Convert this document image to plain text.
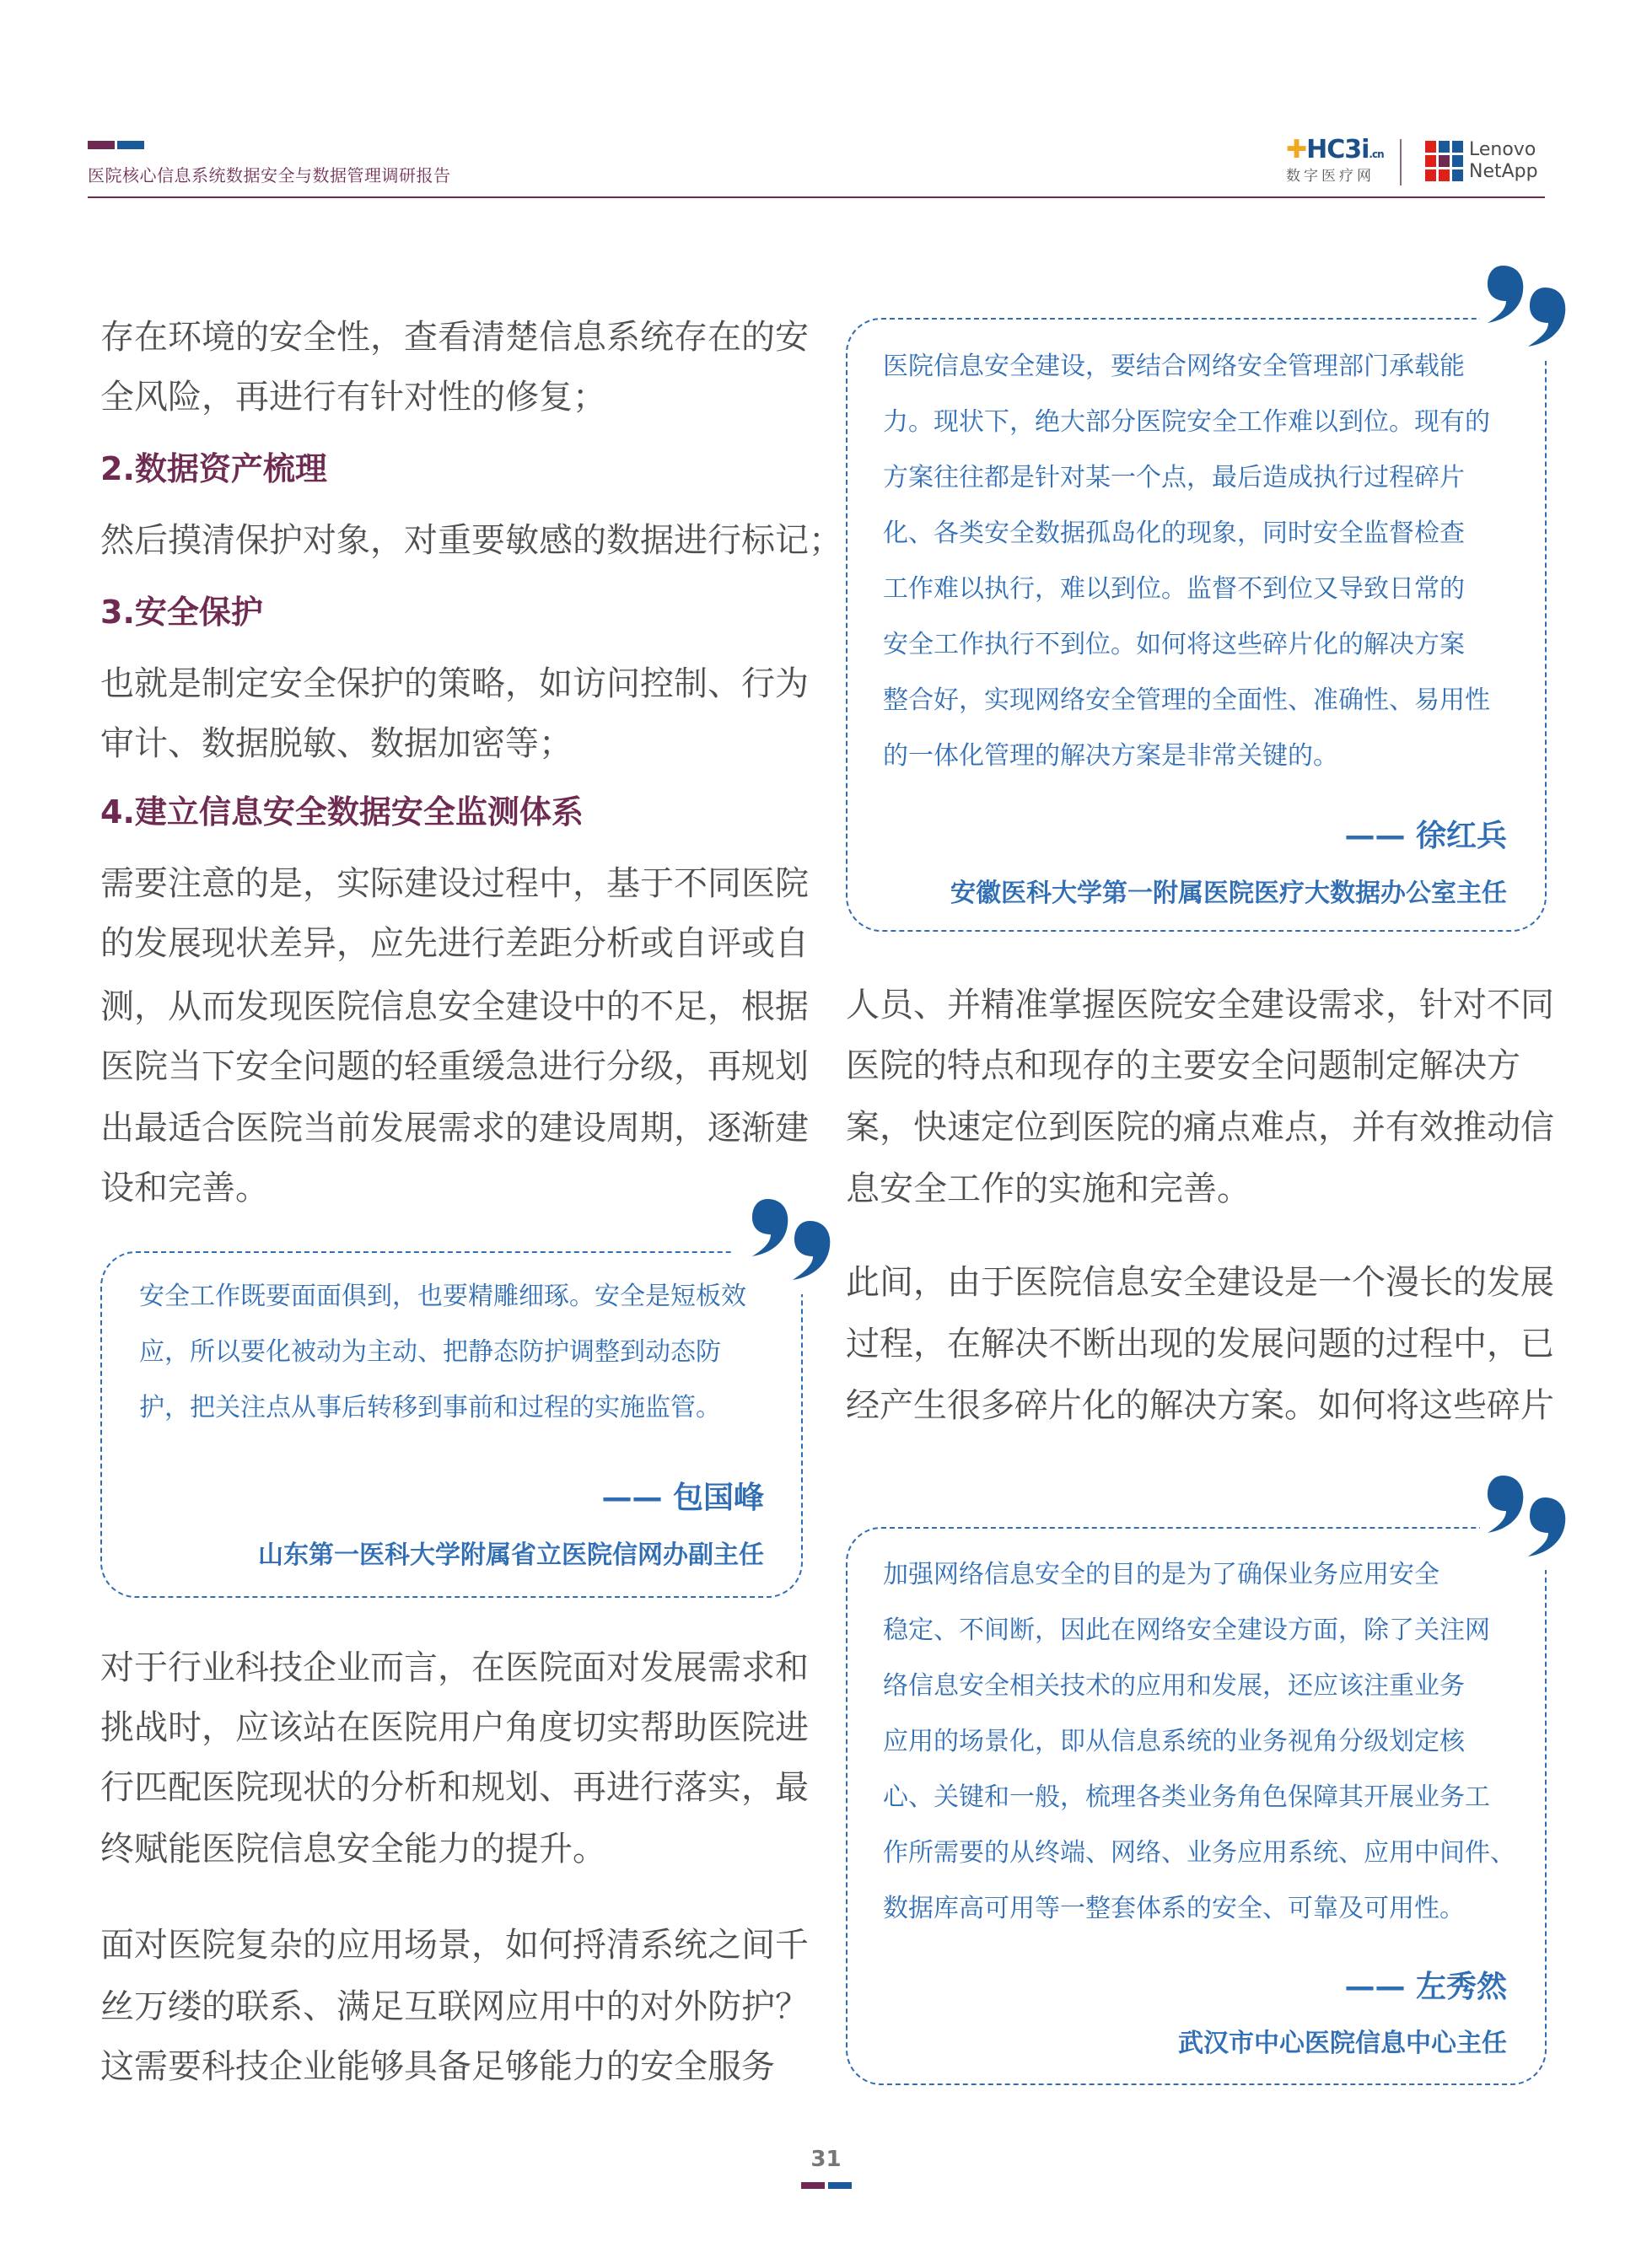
医院核心信息系统数据安全与数据管理调研报告
✚HC3i.cn
数字医疗网
Lenovo
NetApp
存在环境的安全性，查看清楚信息系统存在的安
全风险，再进行有针对性的修复；
2.数据资产梳理
然后摸清保护对象，对重要敏感的数据进行标记；
3.安全保护
也就是制定安全保护的策略，如访问控制、行为
审计、数据脱敏、数据加密等；
4.建立信息安全数据安全监测体系
需要注意的是，实际建设过程中，基于不同医院
的发展现状差异，应先进行差距分析或自评或自
测，从而发现医院信息安全建设中的不足，根据
医院当下安全问题的轻重缓急进行分级，再规划
出最适合医院当前发展需求的建设周期，逐渐建
设和完善。
安全工作既要面面俱到，也要精雕细琢。安全是短板效
应，所以要化被动为主动、把静态防护调整到动态防
护，把关注点从事后转移到事前和过程的实施监管。
—— 包国峰
山东第一医科大学附属省立医院信网办副主任
对于行业科技企业而言，在医院面对发展需求和
挑战时，应该站在医院用户角度切实帮助医院进
行匹配医院现状的分析和规划、再进行落实，最
终赋能医院信息安全能力的提升。
面对医院复杂的应用场景，如何捋清系统之间千
丝万缕的联系、满足互联网应用中的对外防护？
这需要科技企业能够具备足够能力的安全服务
医院信息安全建设，要结合网络安全管理部门承载能
力。现状下，绝大部分医院安全工作难以到位。现有的
方案往往都是针对某一个点，最后造成执行过程碎片
化、各类安全数据孤岛化的现象，同时安全监督检查
工作难以执行，难以到位。监督不到位又导致日常的
安全工作执行不到位。如何将这些碎片化的解决方案
整合好，实现网络安全管理的全面性、准确性、易用性
的一体化管理的解决方案是非常关键的。
—— 徐红兵
安徽医科大学第一附属医院医疗大数据办公室主任
人员、并精准掌握医院安全建设需求，针对不同
医院的特点和现存的主要安全问题制定解决方
案，快速定位到医院的痛点难点，并有效推动信
息安全工作的实施和完善。
此间，由于医院信息安全建设是一个漫长的发展
过程，在解决不断出现的发展问题的过程中，已
经产生很多碎片化的解决方案。如何将这些碎片
加强网络信息安全的目的是为了确保业务应用安全
稳定、不间断，因此在网络安全建设方面，除了关注网
络信息安全相关技术的应用和发展，还应该注重业务
应用的场景化，即从信息系统的业务视角分级划定核
心、关键和一般，梳理各类业务角色保障其开展业务工
作所需要的从终端、网络、业务应用系统、应用中间件、
数据库高可用等一整套体系的安全、可靠及可用性。
—— 左秀然
武汉市中心医院信息中心主任
31
